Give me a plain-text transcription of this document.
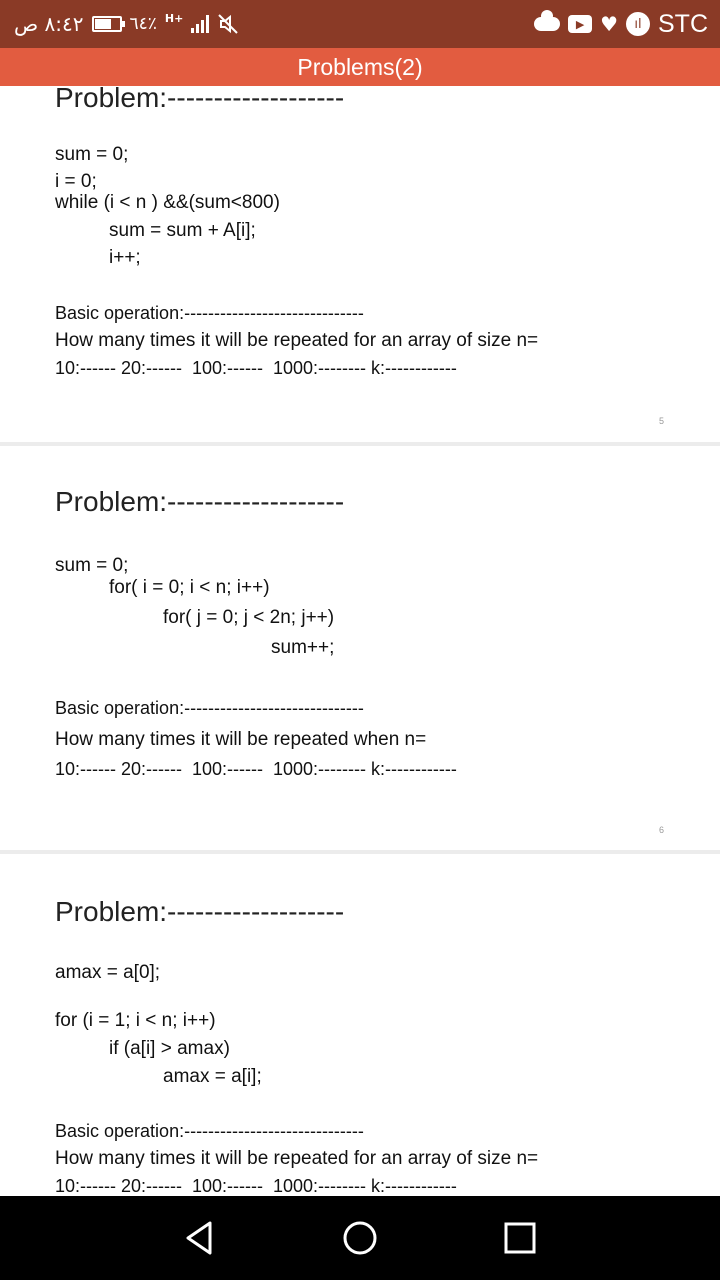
٨:٤٢ ص	٦٤٪ H+	▶ ♥	ıl STC
Problems(2)
Problem:-------------------
sum = 0;
i = 0;
while (i < n ) &&(sum<800)
sum = sum + A[i];
i++;
Basic operation:------------------------------
How many times it will be repeated for an array of size n=
10:------ 20:------  100:------  1000:-------- k:------------
5
Problem:-------------------
sum = 0;
for( i = 0; i < n; i++)
for( j = 0; j < 2n; j++)
sum++;
Basic operation:------------------------------
How many times it will be repeated when n=
10:------ 20:------  100:------  1000:-------- k:------------
6
Problem:-------------------
amax = a[0];
for (i = 1; i < n; i++)
if (a[i] > amax)
amax = a[i];
Basic operation:------------------------------
How many times it will be repeated for an array of size n=
10:------ 20:------  100:------  1000:-------- k:------------
